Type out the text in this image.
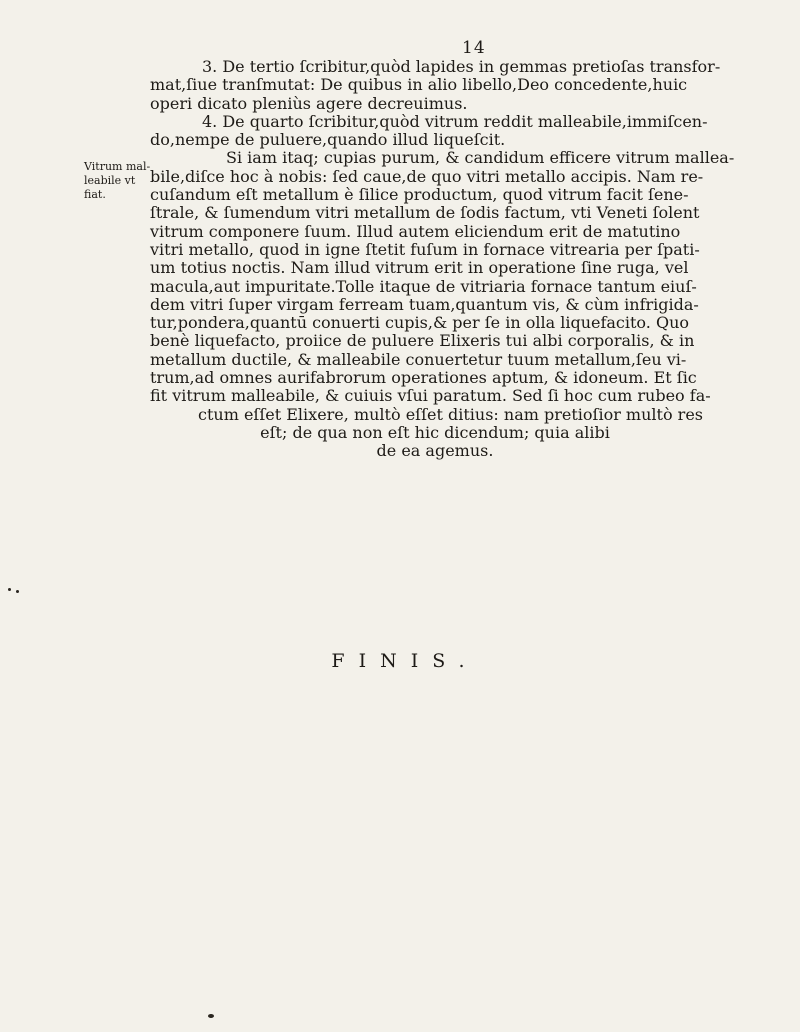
14
Vitrum mal-
leabile vt
fiat.
3. De tertio ſcribitur,quòd lapides in gemmas pretioſas transfor-
mat,ſiue tranſmutat: De quibus in alio libello,Deo concedente,huic
operi dicato pleniùs agere decreuimus.
4. De quarto ſcribitur,quòd vitrum reddit malleabile,immiſcen-
do,nempe de puluere,quando illud liqueſcit.
Si iam itaq; cupias purum, & candidum efficere vitrum mallea-
bile,diſce hoc à nobis: ſed caue,de quo vitri metallo accipis. Nam re-
cuſandum eſt metallum è ſilice productum, quod vitrum facit ſene-
ſtrale, & ſumendum vitri metallum de ſodis factum, vti Veneti ſolent
vitrum componere ſuum. Illud autem eliciendum erit de matutino
vitri metallo, quod in igne ſtetit fuſum in fornace vitrearia per ſpati-
um totius noctis. Nam illud vitrum erit in operatione ſine ruga, vel
macula,aut impuritate.Tolle itaque de vitriaria fornace tantum eiuſ-
dem vitri ſuper virgam ferream tuam,quantum vis, & cùm infrigida-
tur,pondera,quantū conuerti cupis,& per ſe in olla liquefacito. Quo
benè liquefacto, proiice de puluere Elixeris tui albi corporalis, & in
metallum ductile, & malleabile conuertetur tuum metallum,ſeu vi-
trum,ad omnes aurifabrorum operationes aptum, & idoneum. Et ſic
fit vitrum malleabile, & cuiuis vſui paratum. Sed ſi hoc cum rubeo fa-
ctum eſſet Elixere, multò eſſet ditius: nam pretioſior multò res
eſt; de qua non eſt hic dicendum; quia alibi
de ea agemus.
FINIS.
